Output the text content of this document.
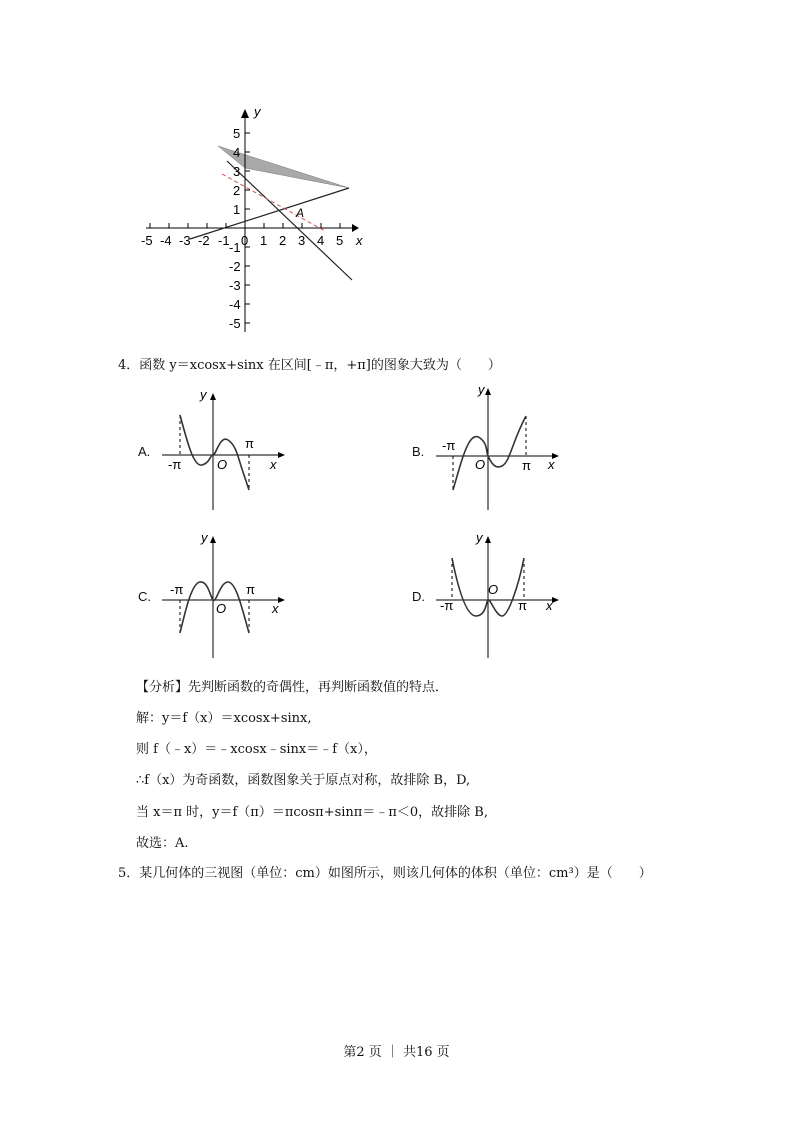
y
5
4
3
2
1
-1
-2
-3
-4
-5
-5 -4 -3 -2 -1 0 1 2 3 4 5 x
A
4．函数 y＝xcosx+sinx 在区间[﹣π，+π]的图象大致为（　　）
A.
y
-π
π
O	x
B.
y
-π
π
O	x
C.
y
-π	π
O	x
D.
y
-π	π
O
x
【分析】先判断函数的奇偶性，再判断函数值的特点．
解：y＝f（x）＝xcosx+sinx,
则 f（﹣x）＝﹣xcosx﹣sinx＝﹣f（x），
∴f（x）为奇函数，函数图象关于原点对称，故排除 B，D,
当 x＝π 时，y＝f（π）＝πcosπ+sinπ＝﹣π＜0，故排除 B,
故选：A.
5．某几何体的三视图（单位：cm）如图所示，则该几何体的体积（单位：cm³）是（　　）
第2 页 ｜ 共16 页
